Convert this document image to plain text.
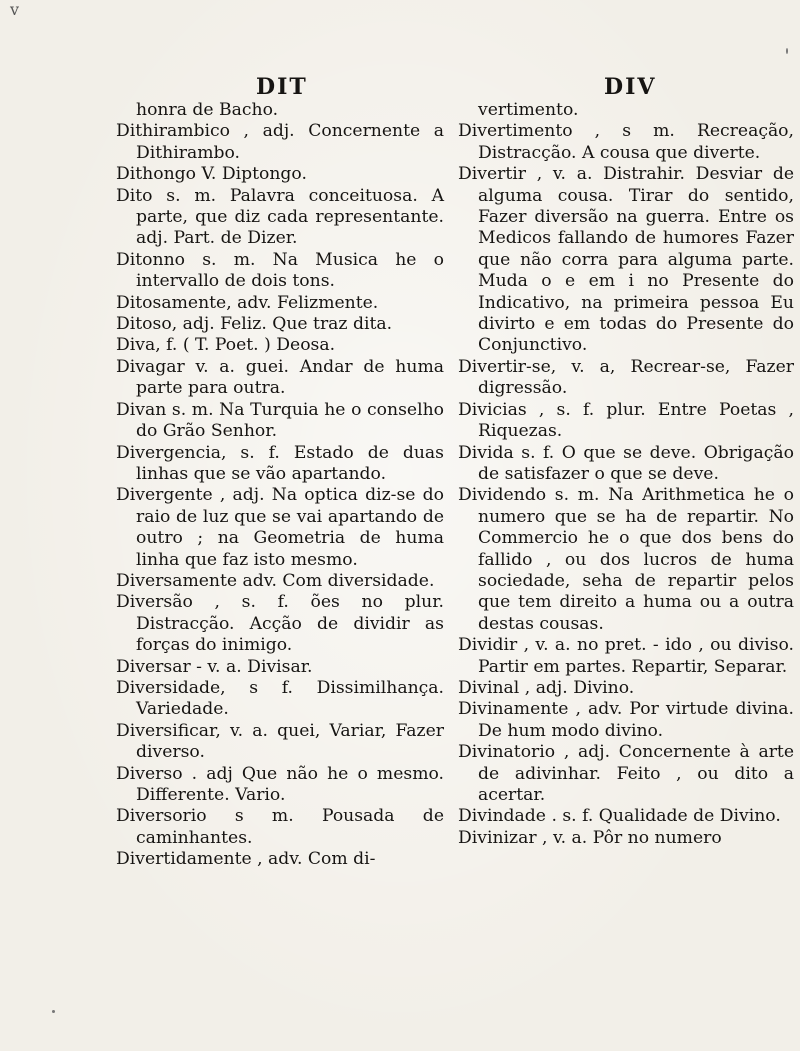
v
DIT	DIV
honra de Bacho.
Dithirambico , adj. Concernente a Dithirambo.
Dithongo V. Diptongo.
Dito s. m. Palavra conceituosa. A parte, que diz cada representante. adj. Part. de Dizer.
Ditonno s. m. Na Musica he o intervallo de dois tons.
Ditosamente, adv. Felizmente.
Ditoso, adj. Feliz. Que traz dita.
Diva, f. ( T. Poet. ) Deosa.
Divagar v. a. guei. Andar de huma parte para outra.
Divan s. m. Na Turquia he o conselho do Grão Senhor.
Divergencia, s. f. Estado de duas linhas que se vão apartando.
Divergente , adj. Na optica diz-se do raio de luz que se vai apartando de outro ; na Geometria de huma linha que faz isto mesmo.
Diversamente adv. Com diversidade.
Diversão , s. f. ões no plur. Distracção. Acção de dividir as forças do inimigo.
Diversar - v. a. Divisar.
Diversidade, s f. Dissimilhança. Variedade.
Diversificar, v. a. quei, Variar, Fazer diverso.
Diverso . adj Que não he o mesmo. Differente. Vario.
Diversorio s m. Pousada de caminhantes.
Divertidamente , adv. Com di-
vertimento.
Divertimento , s m. Recreação, Distracção. A cousa que diverte.
Divertir , v. a. Distrahir. Desviar de alguma cousa. Tirar do sentido, Fazer diversão na guerra. Entre os Medicos fallando de humores Fazer que não corra para alguma parte. Muda o e em i no Presente do Indicativo, na primeira pessoa Eu divirto e em todas do Presente do Conjunctivo.
Divertir-se, v. a, Recrear-se, Fazer digressão.
Divicias , s. f. plur. Entre Poetas , Riquezas.
Divida s. f. O que se deve. Obrigação de satisfazer o que se deve.
Dividendo s. m. Na Arithmetica he o numero que se ha de repartir. No Commercio he o que dos bens do fallido , ou dos lucros de huma sociedade, seha de repartir pelos que tem direito a huma ou a outra destas cousas.
Dividir , v. a. no pret. - ido , ou diviso. Partir em partes. Repartir, Separar.
Divinal , adj. Divino.
Divinamente , adv. Por virtude divina. De hum modo divino.
Divinatorio , adj. Concernente à arte de adivinhar. Feito , ou dito a acertar.
Divindade . s. f. Qualidade de Divino.
Divinizar , v. a. Pôr no numero
